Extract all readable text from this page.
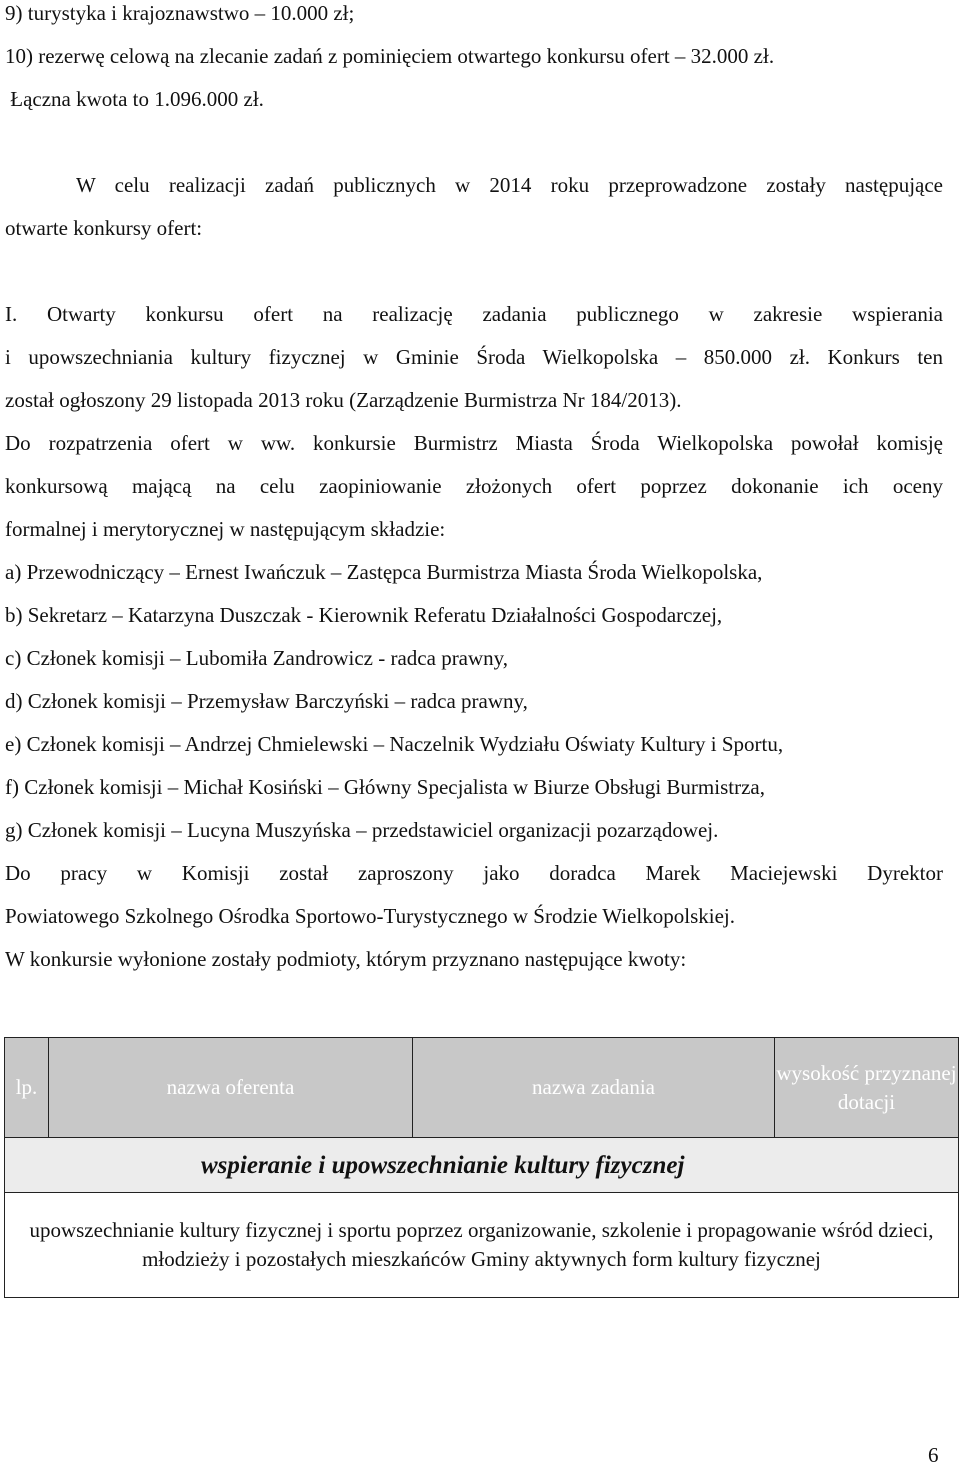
9) turystyka i krajoznawstwo – 10.000 zł;
10) rezerwę celową na zlecanie zadań z pominięciem otwartego konkursu ofert – 32.000 zł.
Łączna kwota to 1.096.000 zł.
W celu realizacji zadań publicznych w 2014 roku przeprowadzone zostały następujące
otwarte konkursy ofert:
I. Otwarty konkursu ofert na realizację zadania publicznego w zakresie wspierania
i upowszechniania kultury fizycznej w Gminie Środa Wielkopolska – 850.000 zł. Konkurs ten
został ogłoszony 29 listopada 2013 roku (Zarządzenie Burmistrza Nr 184/2013).
Do rozpatrzenia ofert w ww. konkursie Burmistrz Miasta Środa Wielkopolska powołał komisję
konkursową mającą na celu zaopiniowanie złożonych ofert poprzez dokonanie ich oceny
formalnej i merytorycznej w następującym składzie:
a) Przewodniczący – Ernest Iwańczuk – Zastępca Burmistrza Miasta Środa Wielkopolska,
b) Sekretarz – Katarzyna Duszczak - Kierownik Referatu Działalności Gospodarczej,
c) Członek komisji – Lubomiła Zandrowicz - radca prawny,
d) Członek komisji – Przemysław Barczyński – radca prawny,
e) Członek komisji – Andrzej Chmielewski – Naczelnik Wydziału Oświaty Kultury i Sportu,
f) Członek komisji – Michał Kosiński – Główny Specjalista w Biurze Obsługi Burmistrza,
g) Członek komisji – Lucyna Muszyńska – przedstawiciel organizacji pozarządowej.
Do pracy w Komisji został zaproszony jako doradca Marek Maciejewski Dyrektor
Powiatowego Szkolnego Ośrodka Sportowo-Turystycznego w Środzie Wielkopolskiej.
W konkursie wyłonione zostały podmioty, którym przyznano następujące kwoty:
lp.	nazwa oferenta	nazwa zadania	wysokość przyznanej dotacji
wspieranie i upowszechnianie kultury fizycznej
upowszechnianie kultury fizycznej i sportu poprzez organizowanie, szkolenie i propagowanie wśród dzieci, młodzieży i pozostałych mieszkańców Gminy aktywnych form kultury fizycznej
6
